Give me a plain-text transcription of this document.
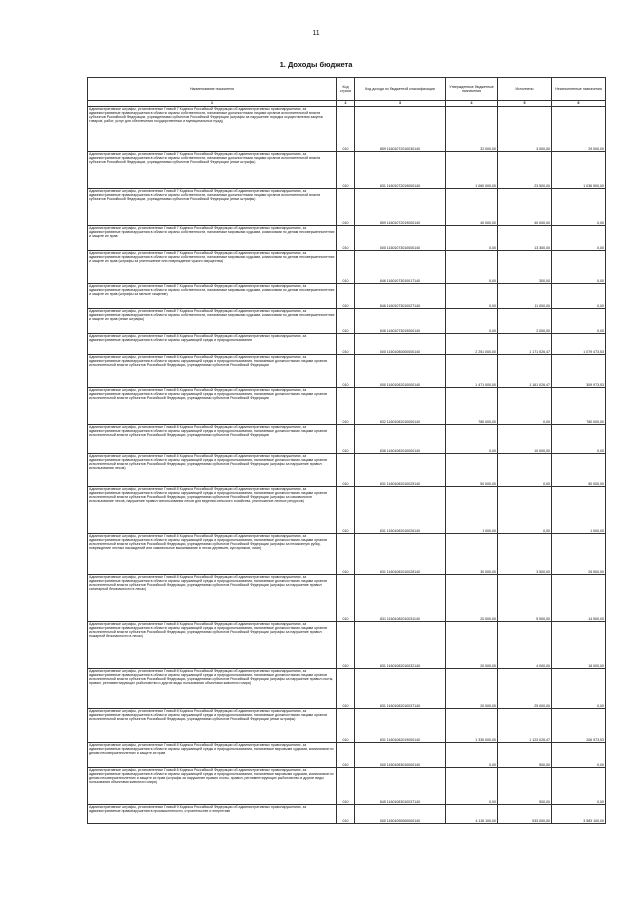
11
1. Доходы бюджета
Наименование показателя	Код строки	Код дохода по бюджетной классификации	Утвержденные бюджетные назначения	Исполнено	Неисполненные назначения
1	2	3	4	5	6
Административные штрафы, установленные Главой 7 Кодекса Российской Федерации об административных правонарушениях, за административные правонарушения в области охраны собственности, налагаемые должностными лицами органов исполнительной власти субъектов Российской Федерации, учреждениями субъектов Российской Федерации (штрафы за нарушение порядка осуществления закупок товаров, работ, услуг для обеспечения государственных и муниципальных нужд)	010	859 11601072010030140	32 000,00	3 000,00	29 000,00
Административные штрафы, установленные Главой 7 Кодекса Российской Федерации об административных правонарушениях, за административные правонарушения в области охраны собственности, налагаемые должностными лицами органов исполнительной власти субъектов Российской Федерации, учреждениями субъектов Российской Федерации (иные штрафы)	010	831 11601072019000140	1 060 000,00	23 500,00	1 036 500,00
Административные штрафы, установленные Главой 7 Кодекса Российской Федерации об административных правонарушениях, за административные правонарушения в области охраны собственности, налагаемые должностными лицами органов исполнительной власти субъектов Российской Федерации, учреждениями субъектов Российской Федерации (иные штрафы)	010	859 11601072019000140	40 000,00	40 000,00	0,00
Административные штрафы, установленные Главой 7 Кодекса Российской Федерации об административных правонарушениях, за административные правонарушения в области охраны собственности, налагаемые мировыми судьями, комиссиями по делам несовершеннолетних и защите их прав	010	000 11601073010000140	0,00	13 300,00	0,00
Административные штрафы, установленные Главой 7 Кодекса Российской Федерации об административных правонарушениях, за административные правонарушения в области охраны собственности, налагаемые мировыми судьями, комиссиями по делам несовершеннолетних и защите их прав (штрафы за уничтожение или повреждение чужого имущества)	010	846 11601073010017140	0,00	300,00	0,00
Административные штрафы, установленные Главой 7 Кодекса Российской Федерации об административных правонарушениях, за административные правонарушения в области охраны собственности, налагаемые мировыми судьями, комиссиями по делам несовершеннолетних и защите их прав (штрафы за мелкое хищение)	010	846 11601073010027140	0,00	11 000,00	0,00
Административные штрафы, установленные Главой 7 Кодекса Российской Федерации об административных правонарушениях, за административные правонарушения в области охраны собственности, налагаемые мировыми судьями, комиссиями по делам несовершеннолетних и защите их прав (иные штрафы)	010	846 11601073019000140	0,00	2 000,00	0,00
Административные штрафы, установленные Главой 8 Кодекса Российской Федерации об административных правонарушениях, за административные правонарушения в области охраны окружающей среды и природопользования	010	000 11601080000000140	2 251 000,00	1 171 526,47	1 079 473,53
Административные штрафы, установленные Главой 8 Кодекса Российской Федерации об административных правонарушениях, за административные правонарушения в области охраны окружающей среды и природопользования, налагаемые должностными лицами органов исполнительной власти субъектов Российской Федерации, учреждениями субъектов Российской Федерации	010	000 11601082010000140	1 471 000,00	1 161 026,47	309 973,53
Административные штрафы, установленные Главой 8 Кодекса Российской Федерации об административных правонарушениях, за административные правонарушения в области охраны окружающей среды и природопользования, налагаемые должностными лицами органов исполнительной власти субъектов Российской Федерации, учреждениями субъектов Российской Федерации	010	832 11601082010000140	780 000,00	0,00	780 000,00
Административные штрафы, установленные Главой 8 Кодекса Российской Федерации об административных правонарушениях, за административные правонарушения в области охраны окружающей среды и природопользования, налагаемые должностными лицами органов исполнительной власти субъектов Российской Федерации, учреждениями субъектов Российской Федерации	010	836 11601082010000140	0,00	10 000,00	0,00
Административные штрафы, установленные Главой 8 Кодекса Российской Федерации об административных правонарушениях, за административные правонарушения в области охраны окружающей среды и природопользования, налагаемые должностными лицами органов исполнительной власти субъектов Российской Федерации, учреждениями субъектов Российской Федерации (штрафы за нарушение правил использования лесов)	010	831 11601082010025140	50 000,00	0,00	50 000,00
Административные штрафы, установленные Главой 8 Кодекса Российской Федерации об административных правонарушениях, за административные правонарушения в области охраны окружающей среды и природопользования, налагаемые должностными лицами органов исполнительной власти субъектов Российской Федерации, учреждениями субъектов Российской Федерации (штрафы за самовольное использование лесов, нарушение правил использования лесов для ведения сельского хозяйства, уничтожение лесных ресурсов)	010	831 11601082010026140	1 000,00	0,00	1 000,00
Административные штрафы, установленные Главой 8 Кодекса Российской Федерации об административных правонарушениях, за административные правонарушения в области охраны окружающей среды и природопользования, налагаемые должностными лицами органов исполнительной власти субъектов Российской Федерации, учреждениями субъектов Российской Федерации (штрафы за незаконную рубку, повреждение лесных насаждений или самовольное выкапывание в лесах деревьев, кустарников, лиан)	010	831 11601082010028140	30 000,00	3 500,00	26 500,00
Административные штрафы, установленные Главой 8 Кодекса Российской Федерации об административных правонарушениях, за административные правонарушения в области охраны окружающей среды и природопользования, налагаемые должностными лицами органов исполнительной власти субъектов Российской Федерации, учреждениями субъектов Российской Федерации (штрафы за нарушение правил санитарной безопасности в лесах)	010	831 11601082010031140	20 000,00	5 500,00	14 500,00
Административные штрафы, установленные Главой 8 Кодекса Российской Федерации об административных правонарушениях, за административные правонарушения в области охраны окружающей среды и природопользования, налагаемые должностными лицами органов исполнительной власти субъектов Российской Федерации, учреждениями субъектов Российской Федерации (штрафы за нарушение правил пожарной безопасности в лесах)	010	831 11601082010032140	20 000,00	4 000,00	16 000,00
Административные штрафы, установленные Главой 8 Кодекса Российской Федерации об административных правонарушениях, за административные правонарушения в области охраны окружающей среды и природопользования, налагаемые должностными лицами органов исполнительной власти субъектов Российской Федерации, учреждениями субъектов Российской Федерации (штрафы за нарушение правил охоты, правил, регламентирующих рыболовство и другие виды пользования объектами животного мира)	010	831 11601082010037140	20 000,00	25 000,00	0,00
Административные штрафы, установленные Главой 8 Кодекса Российской Федерации об административных правонарушениях, за административные правонарушения в области охраны окружающей среды и природопользования, налагаемые должностными лицами органов исполнительной власти субъектов Российской Федерации, учреждениями субъектов Российской Федерации (иные штрафы)	010	831 11601082019000140	1 330 000,00	1 123 026,47	206 973,53
Административные штрафы, установленные Главой 8 Кодекса Российской Федерации об административных правонарушениях, за административные правонарушения в области охраны окружающей среды и природопользования, налагаемые мировыми судьями, комиссиями по делам несовершеннолетних и защите их прав	010	000 11601083010000140	0,00	500,00	0,00
Административные штрафы, установленные Главой 8 Кодекса Российской Федерации об административных правонарушениях, за административные правонарушения в области охраны окружающей среды и природопользования, налагаемые мировыми судьями, комиссиями по делам несовершеннолетних и защите их прав (штрафы за нарушение правил охоты, правил, регламентирующих рыболовство и другие виды пользования объектами животного мира)	010	845 11601083010037140	0,00	500,00	0,00
Административные штрафы, установленные Главой 9 Кодекса Российской Федерации об административных правонарушениях, за административные правонарушения в промышленности, строительстве и энергетике	010	000 11601090000000140	4 116 100,00	533 000,00	3 583 100,00
